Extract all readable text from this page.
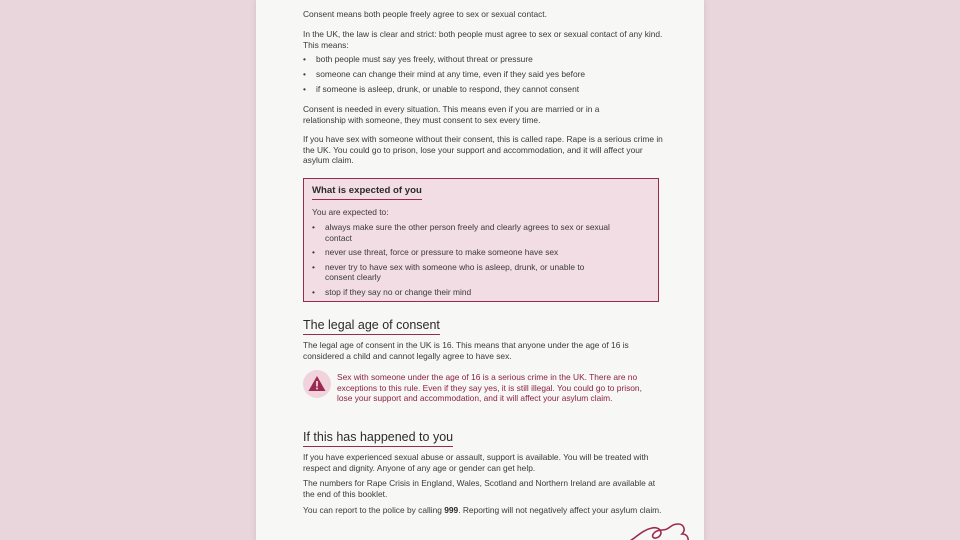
Consent means both people freely agree to sex or sexual contact.

In the UK, the law is clear and strict: both people must agree to sex or sexual contact of any kind. This means:

• both people must say yes freely, without threat or pressure
• someone can change their mind at any time, even if they said yes before
• if someone is asleep, drunk, or unable to respond, they cannot consent

Consent is needed in every situation. This means even if you are married or in a relationship with someone, they must consent to sex every time.

If you have sex with someone without their consent, this is called rape. Rape is a serious crime in the UK. You could go to prison, lose your support and accommodation, and it will affect your asylum claim.

What is expected of you

You are expected to:

• always make sure the other person freely and clearly agrees to sex or sexual contact
• never use threat, force or pressure to make someone have sex
• never try to have sex with someone who is asleep, drunk, or unable to consent clearly
• stop if they say no or change their mind
The legal age of consent

The legal age of consent in the UK is 16. This means that anyone under the age of 16 is considered a child and cannot legally agree to have sex.

Sex with someone under the age of 16 is a serious crime in the UK. There are no exceptions to this rule. Even if they say yes, it is still illegal. You could go to prison, lose your support and accommodation, and it will affect your asylum claim.

If this has happened to you

If you have experienced sexual abuse or assault, support is available. You will be treated with respect and dignity. Anyone of any age or gender can get help.

The numbers for Rape Crisis in England, Wales, Scotland and Northern Ireland are available at the end of this booklet.

You can report to the police by calling 999. Reporting will not negatively affect your asylum claim.
